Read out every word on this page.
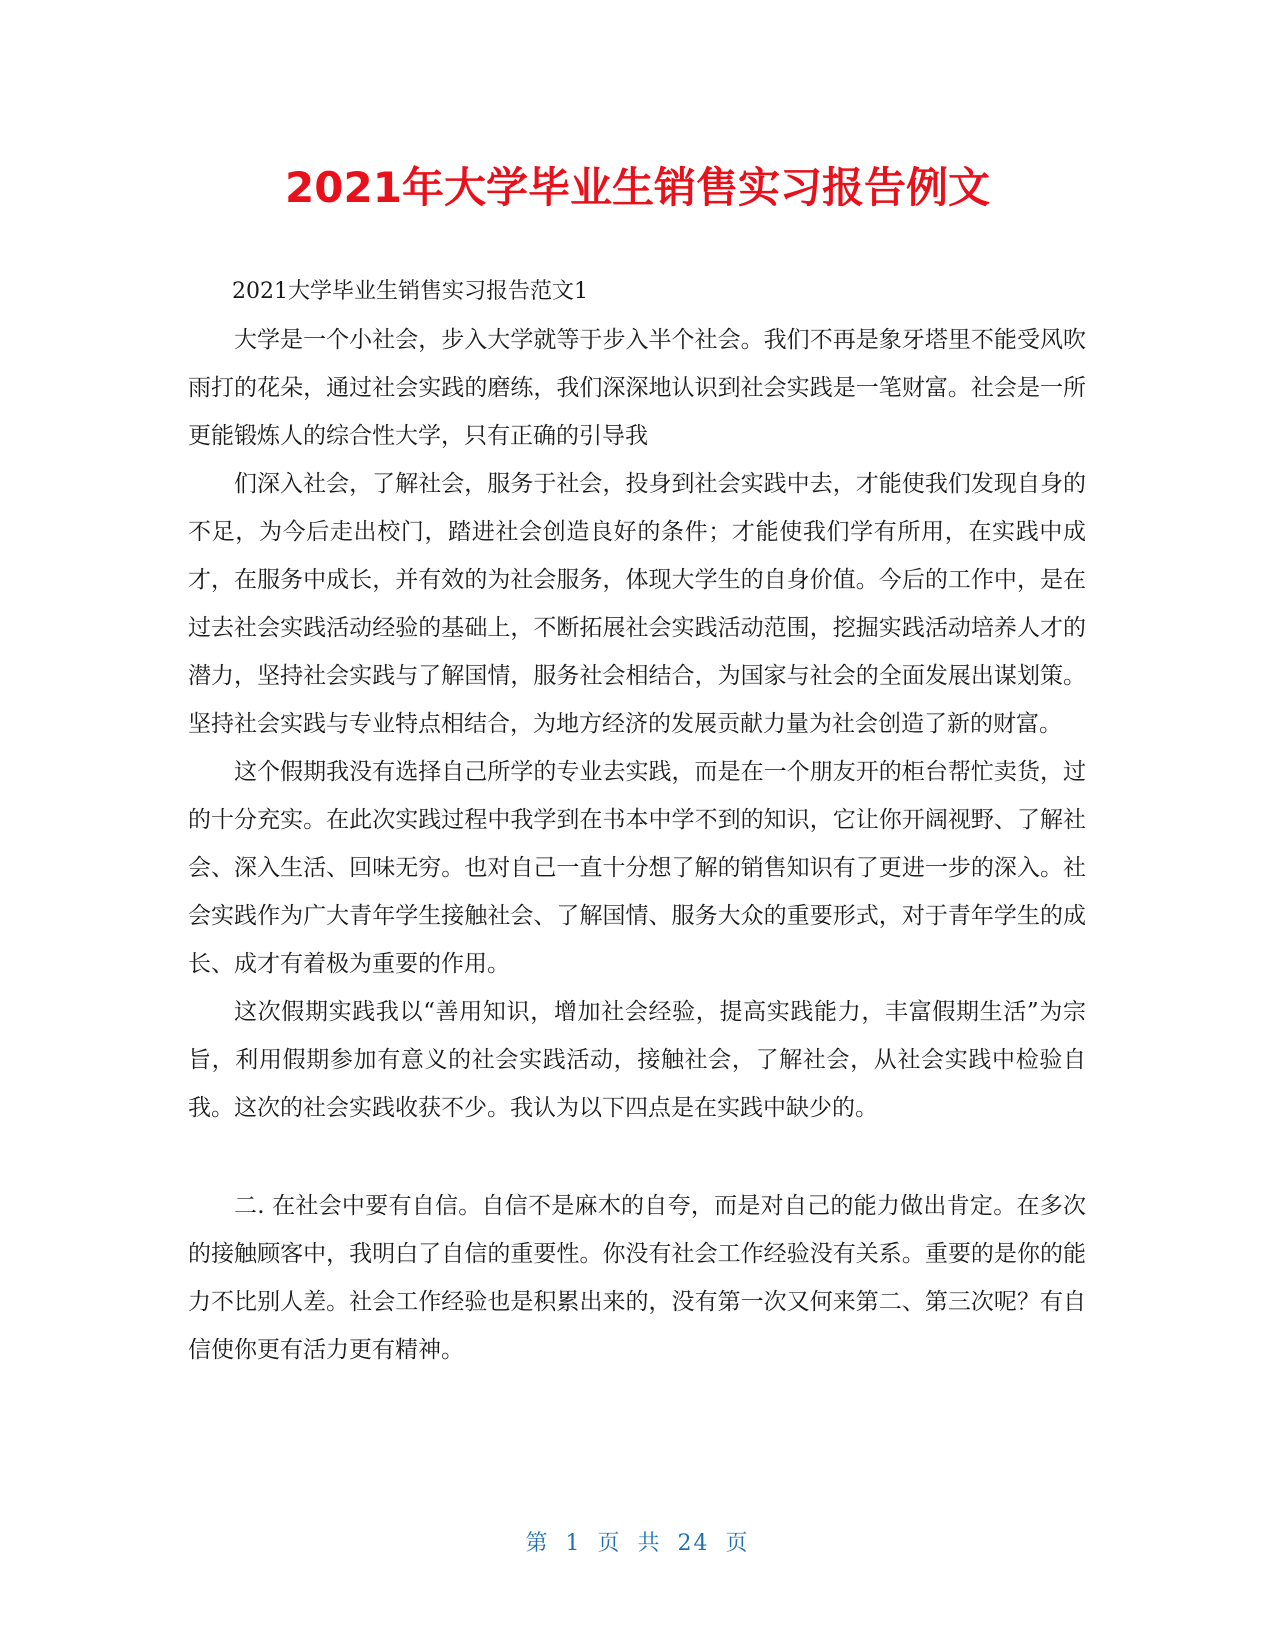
2021年大学毕业生销售实习报告例文

2021大学毕业生销售实习报告范文1

大学是一个小社会，步入大学就等于步入半个社会。我们不再是象牙塔里不能受风吹雨打的花朵，通过社会实践的磨练，我们深深地认识到社会实践是一笔财富。社会是一所更能锻炼人的综合性大学，只有正确的引导我

们深入社会，了解社会，服务于社会，投身到社会实践中去，才能使我们发现自身的不足，为今后走出校门，踏进社会创造良好的条件；才能使我们学有所用，在实践中成才，在服务中成长，并有效的为社会服务，体现大学生的自身价值。今后的工作中，是在过去社会实践活动经验的基础上，不断拓展社会实践活动范围，挖掘实践活动培养人才的潜力，坚持社会实践与了解国情，服务社会相结合，为国家与社会的全面发展出谋划策。坚持社会实践与专业特点相结合，为地方经济的发展贡献力量为社会创造了新的财富。

这个假期我没有选择自己所学的专业去实践，而是在一个朋友开的柜台帮忙卖货，过的十分充实。在此次实践过程中我学到在书本中学不到的知识，它让你开阔视野、了解社会、深入生活、回味无穷。也对自己一直十分想了解的销售知识有了更进一步的深入。社会实践作为广大青年学生接触社会、了解国情、服务大众的重要形式，对于青年学生的成长、成才有着极为重要的作用。

这次假期实践我以“善用知识，增加社会经验，提高实践能力，丰富假期生活”为宗旨，利用假期参加有意义的社会实践活动，接触社会，了解社会，从社会实践中检验自我。这次的社会实践收获不少。我认为以下四点是在实践中缺少的。

二. 在社会中要有自信。自信不是麻木的自夸，而是对自己的能力做出肯定。在多次的接触顾客中，我明白了自信的重要性。你没有社会工作经验没有关系。重要的是你的能力不比别人差。社会工作经验也是积累出来的，没有第一次又何来第二、第三次呢？有自信使你更有活力更有精神。

第 1 页 共 24 页
